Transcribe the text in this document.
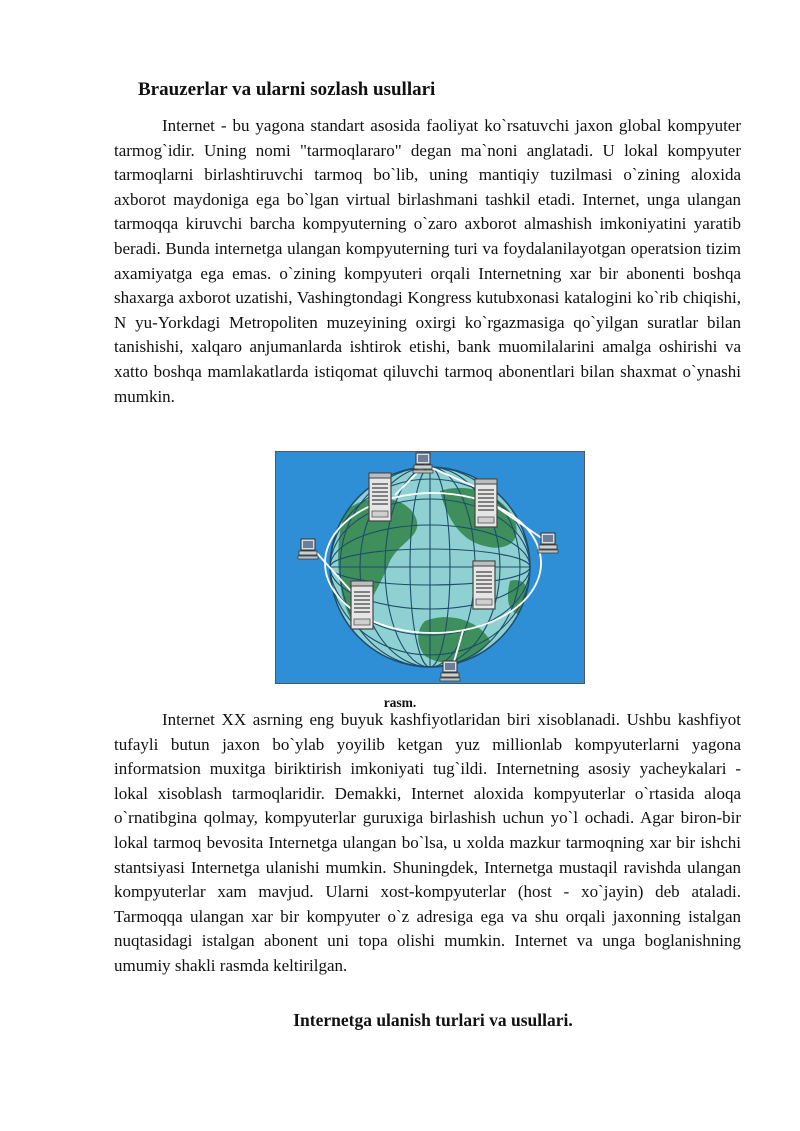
Brauzerlar va ularni sozlash usullari

Internet - bu yagona standart asosida faoliyat ko`rsatuvchi jaxon global kompyuter tarmog`idir. Uning nomi "tarmoqlararo" degan ma`noni anglatadi. U lokal kompyuter tarmoqlarni birlashtiruvchi tarmoq bo`lib, uning mantiqiy tuzilmasi o`zining aloxida axborot maydoniga ega bo`lgan virtual birlashmani tashkil etadi. Internet, unga ulangan tarmoqqa kiruvchi barcha kompyuterning o`zaro axborot almashish imkoniyatini yaratib beradi. Bunda internetga ulangan kompyuterning turi va foydalanilayotgan operatsion tizim axamiyatga ega emas. o`zining kompyuteri orqali Internetning xar bir abonenti boshqa shaxarga axborot uzatishi, Vashingtondagi Kongress kutubxonasi katalogini ko`rib chiqishi, N yu-Yorkdagi Metropoliten muzeyining oxirgi ko`rgazmasiga qo`yilgan suratlar bilan tanishishi, xalqaro anjumanlarda ishtirok etishi, bank muomilalarini amalga oshirishi va xatto boshqa mamlakatlarda istiqomat qiluvchi tarmoq abonentlari bilan shaxmat o`ynashi mumkin.

rasm.

Internet XX asrning eng buyuk kashfiyotlaridan biri xisoblanadi. Ushbu kashfiyot tufayli butun jaxon bo`ylab yoyilib ketgan yuz millionlab kompyuterlarni yagona informatsion muxitga biriktirish imkoniyati tug`ildi. Internetning asosiy yacheykalari - lokal xisoblash tarmoqlaridir. Demakki, Internet aloxida kompyuterlar o`rtasida aloqa o`rnatibgina qolmay, kompyuterlar guruxiga birlashish uchun yo`l ochadi. Agar biron-bir lokal tarmoq bevosita Internetga ulangan bo`lsa, u xolda mazkur tarmoqning xar bir ishchi stantsiyasi Internetga ulanishi mumkin. Shuningdek, Internetga mustaqil ravishda ulangan kompyuterlar xam mavjud. Ularni xost-kompyuterlar (host - xo`jayin) deb ataladi. Tarmoqqa ulangan xar bir kompyuter o`z adresiga ega va shu orqali jaxonning istalgan nuqtasidagi istalgan abonent uni topa olishi mumkin. Internet va unga boglanishning umumiy shakli rasmda keltirilgan.

Internetga ulanish turlari va usullari.
